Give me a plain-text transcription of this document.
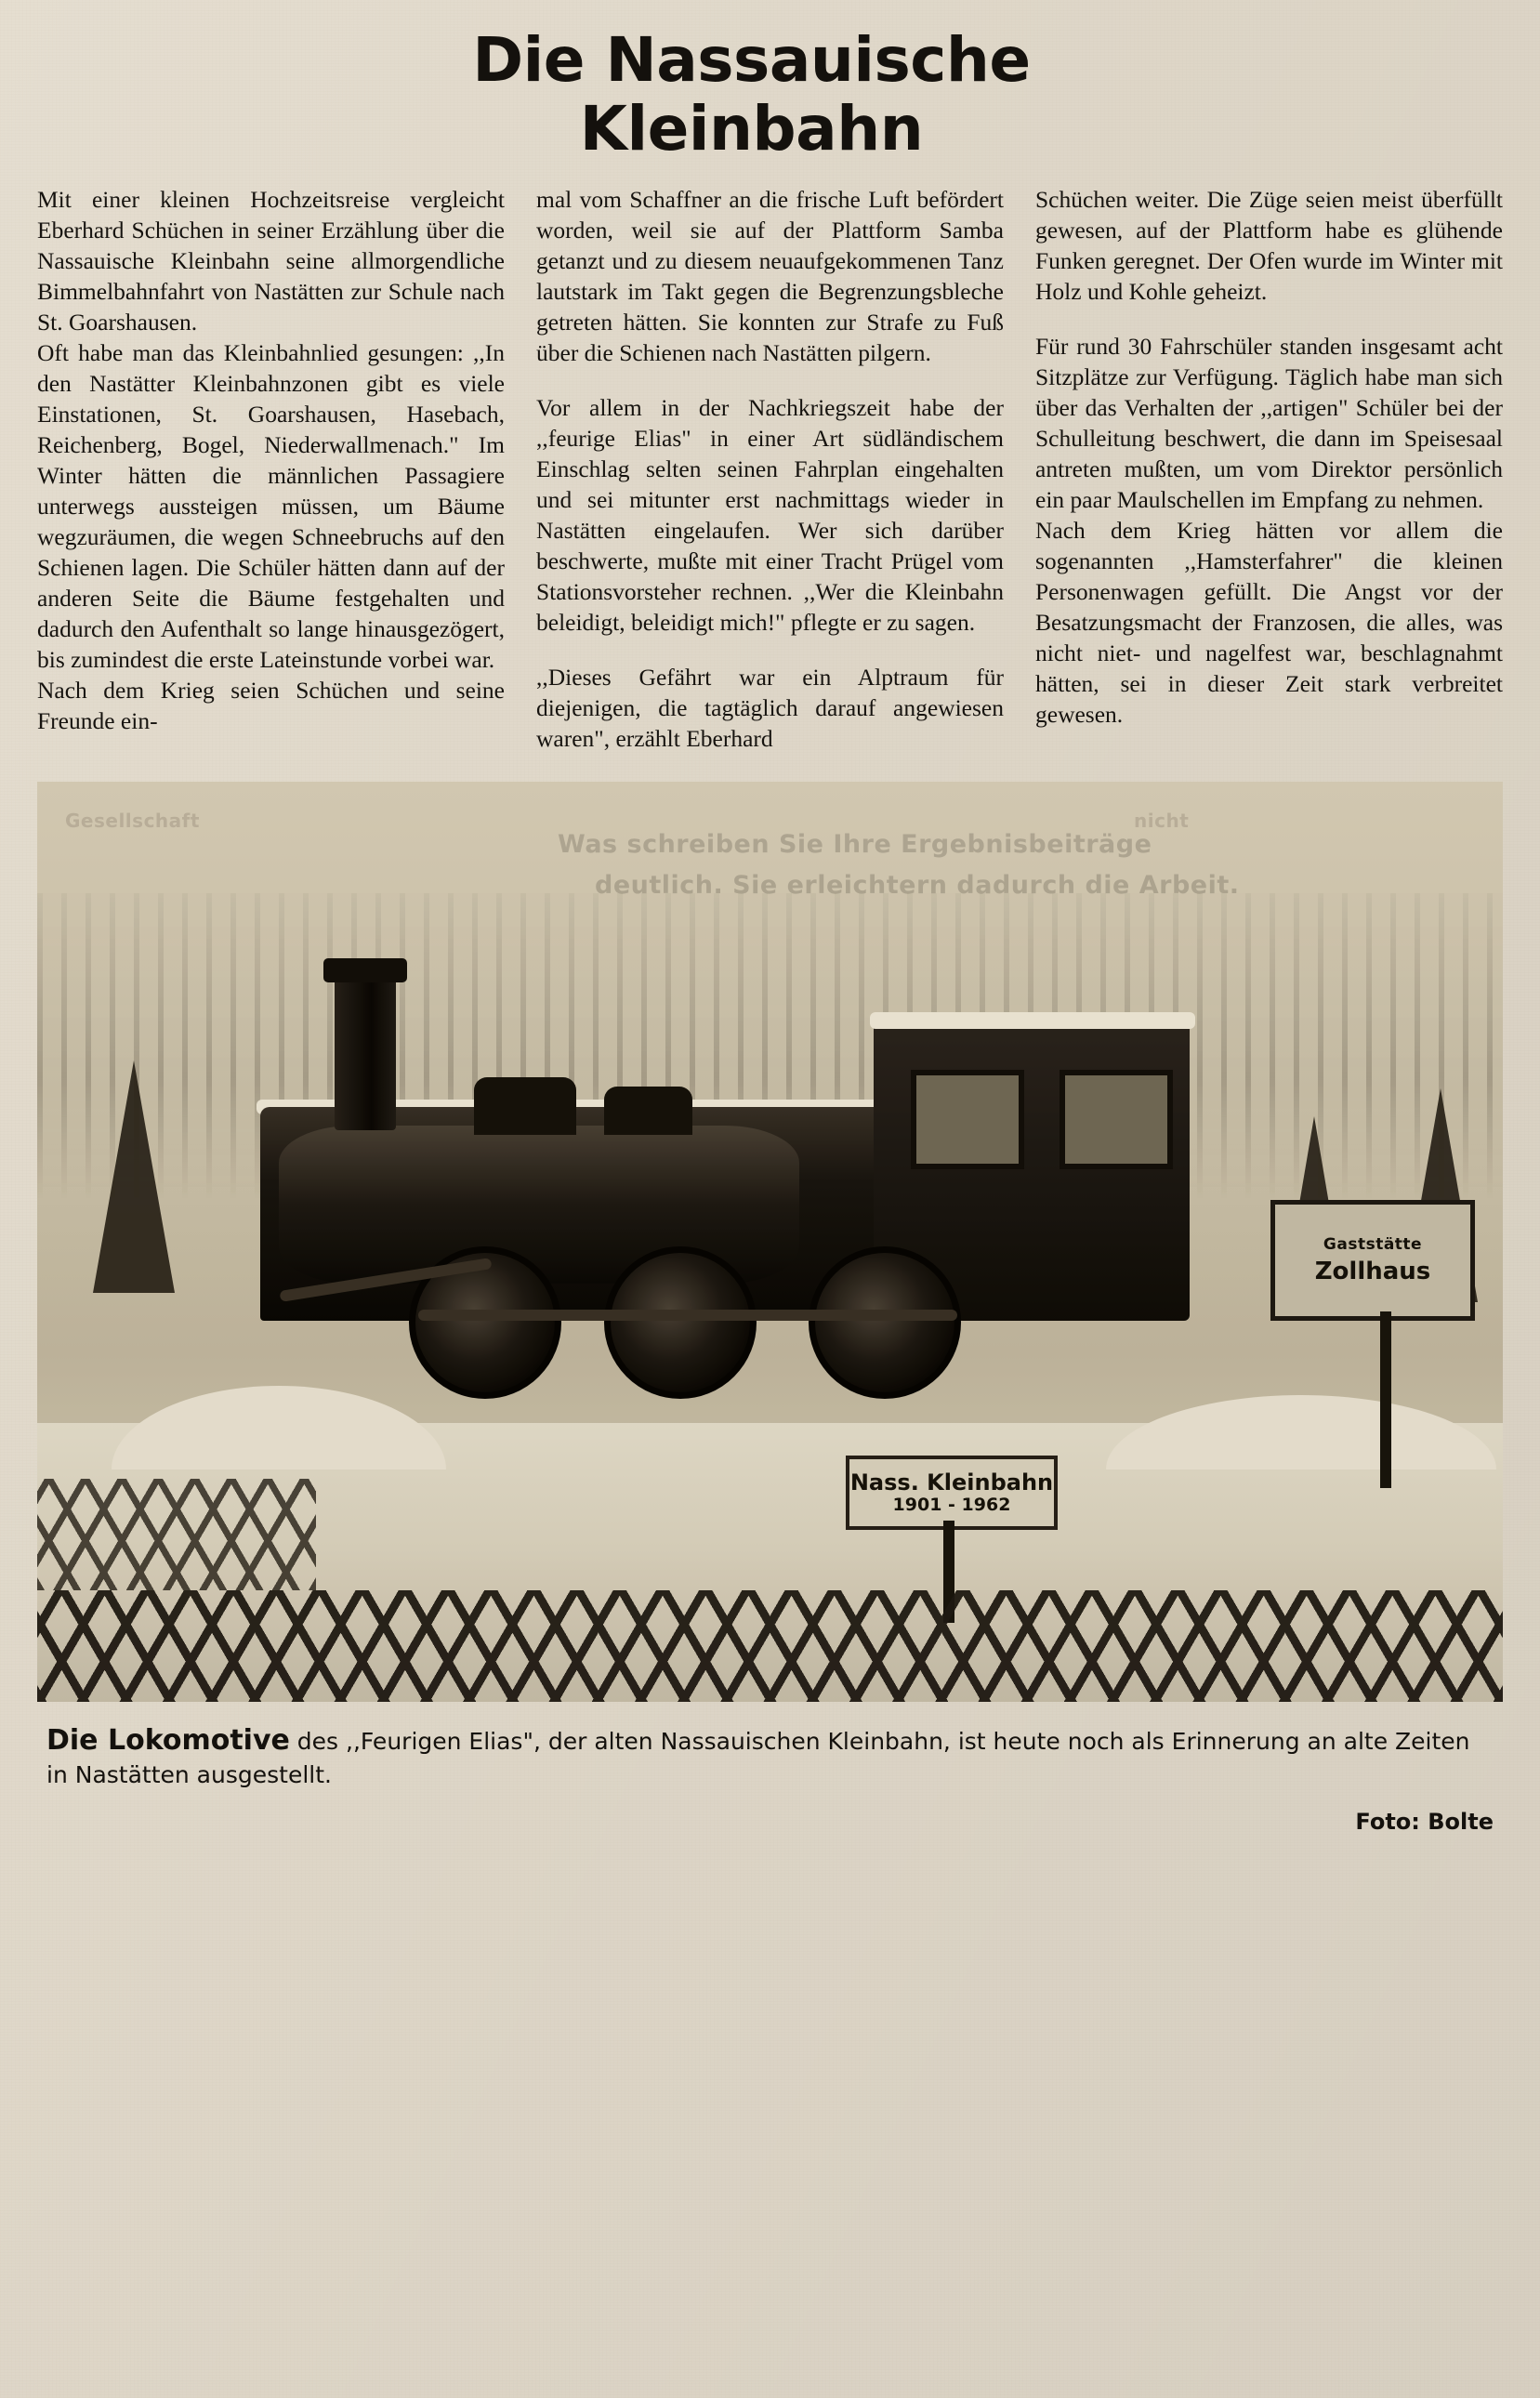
Die Nassauische
Kleinbahn

Mit einer kleinen Hochzeitsreise vergleicht Eberhard Schüchen in seiner Erzählung über die Nassauische Kleinbahn seine allmorgendliche Bimmelbahnfahrt von Nastätten zur Schule nach St. Goarshausen.

Oft habe man das Kleinbahnlied gesungen: ,,In den Nastätter Kleinbahnzonen gibt es viele Einstationen, St. Goarshausen, Hasebach, Reichenberg, Bogel, Niederwallmenach." Im Winter hätten die männlichen Passagiere unterwegs aussteigen müssen, um Bäume wegzuräumen, die wegen Schneebruchs auf den Schienen lagen. Die Schüler hätten dann auf der anderen Seite die Bäume festgehalten und dadurch den Aufenthalt so lange hinausgezögert, bis zumindest die erste Lateinstunde vorbei war.

Nach dem Krieg seien Schüchen und seine Freunde ein-

mal vom Schaffner an die frische Luft befördert worden, weil sie auf der Plattform Samba getanzt und zu diesem neuaufgekommenen Tanz lautstark im Takt gegen die Begrenzungsbleche getreten hätten. Sie konnten zur Strafe zu Fuß über die Schienen nach Nastätten pilgern.

Vor allem in der Nachkriegszeit habe der ,,feurige Elias" in einer Art südländischem Einschlag selten seinen Fahrplan eingehalten und sei mitunter erst nachmittags wieder in Nastätten eingelaufen. Wer sich darüber beschwerte, mußte mit einer Tracht Prügel vom Stationsvorsteher rechnen. ,,Wer die Kleinbahn beleidigt, beleidigt mich!" pflegte er zu sagen.

,,Dieses Gefährt war ein Alptraum für diejenigen, die tagtäglich darauf angewiesen waren", erzählt Eberhard

Schüchen weiter. Die Züge seien meist überfüllt gewesen, auf der Plattform habe es glühende Funken geregnet. Der Ofen wurde im Winter mit Holz und Kohle geheizt.

Für rund 30 Fahrschüler standen insgesamt acht Sitzplätze zur Verfügung. Täglich habe man sich über das Verhalten der ,,artigen" Schüler bei der Schulleitung beschwert, die dann im Speisesaal antreten mußten, um vom Direktor persönlich ein paar Maulschellen im Empfang zu nehmen.

Nach dem Krieg hätten vor allem die sogenannten ,,Hamsterfahrer" die kleinen Personenwagen gefüllt. Die Angst vor der Besatzungsmacht der Franzosen, die alles, was nicht niet- und nagelfest war, beschlagnahmt hätten, sei in dieser Zeit stark verbreitet gewesen.

Was schreiben Sie Ihre Ergebnisbeiträge
deutlich. Sie erleichtern dadurch die Arbeit.
Gesellschaft	nicht
Gaststätte
Zollhaus
Nass. Kleinbahn
1901 - 1962
Die Lokomotive des ,,Feurigen Elias", der alten Nassauischen Kleinbahn, ist heute noch als Erinnerung an alte Zeiten in Nastätten ausgestellt.
Foto: Bolte
